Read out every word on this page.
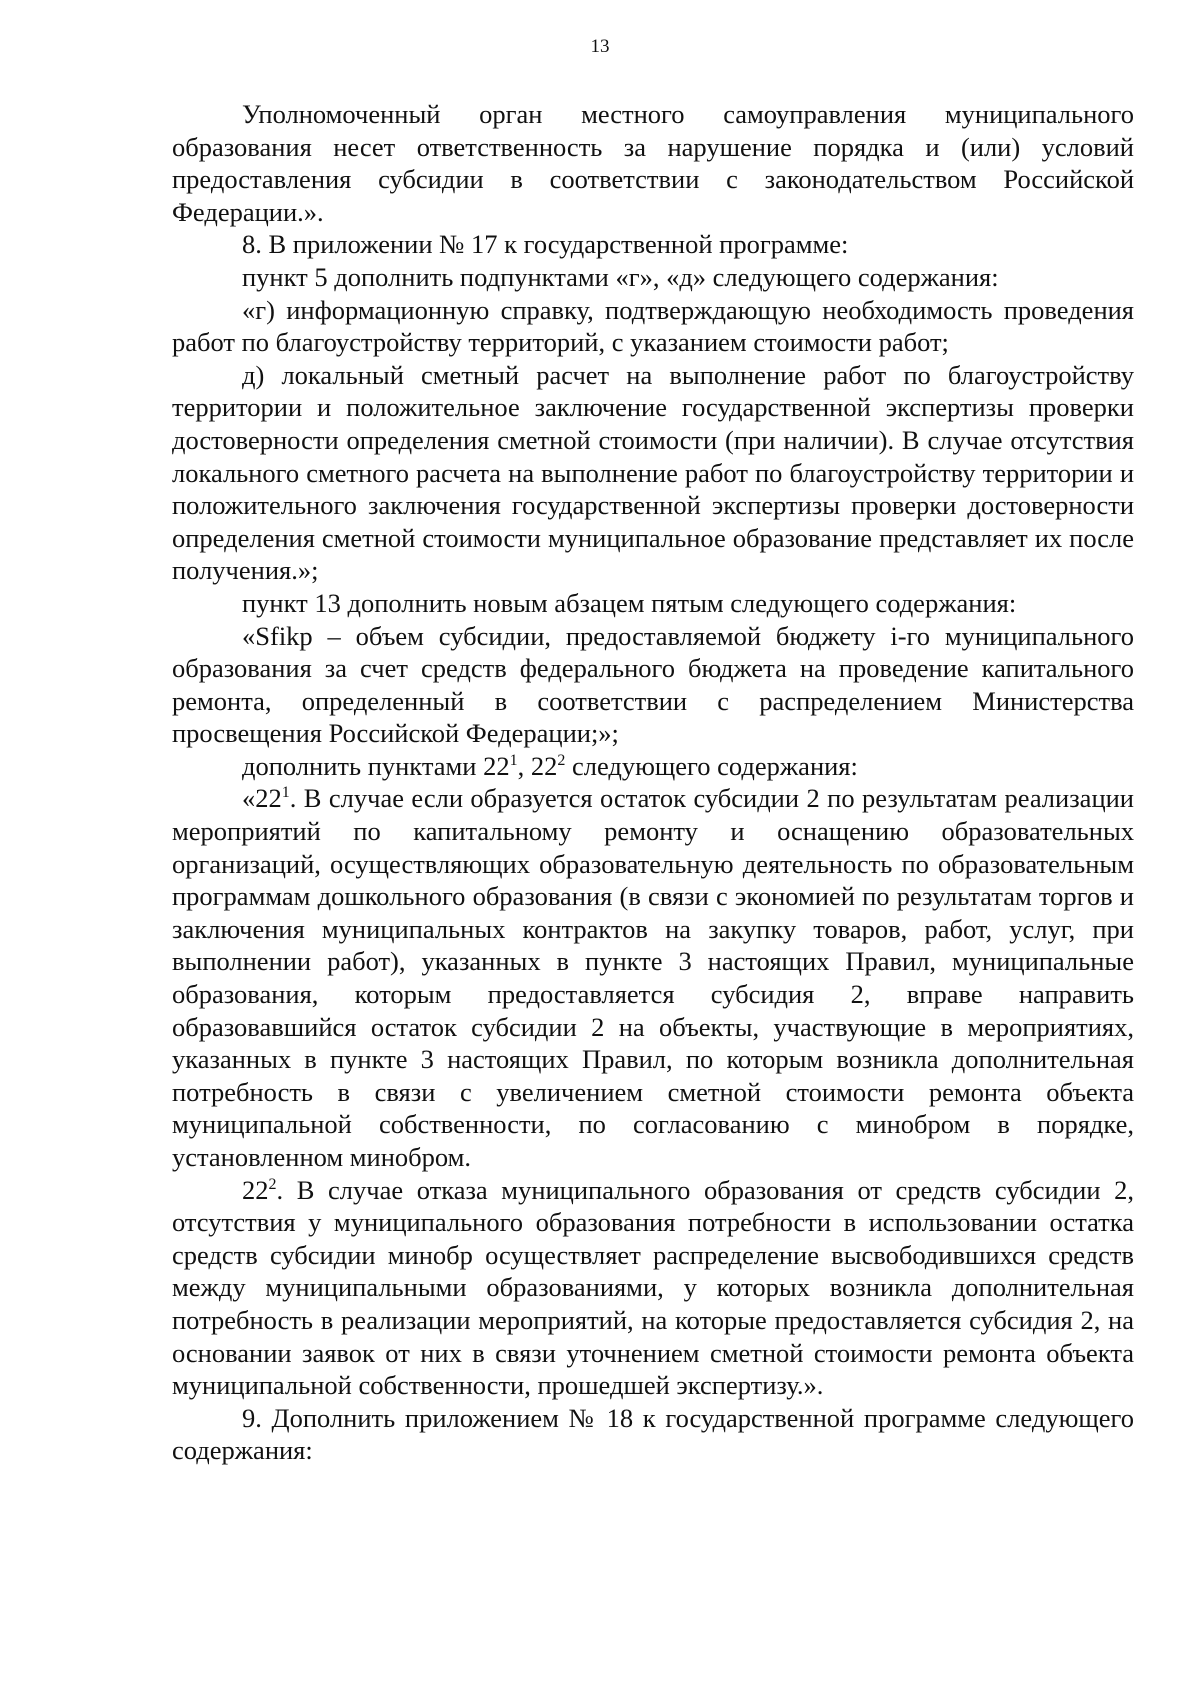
13

Уполномоченный орган местного самоуправления муниципального образования несет ответственность за нарушение порядка и (или) условий предоставления субсидии в соответствии с законодательством Российской Федерации.».

8. В приложении № 17 к государственной программе:

пункт 5 дополнить подпунктами «г», «д» следующего содержания:

«г) информационную справку, подтверждающую необходимость проведения работ по благоустройству территорий, с указанием стоимости работ;

д) локальный сметный расчет на выполнение работ по благоустройству территории и положительное заключение государственной экспертизы проверки достоверности определения сметной стоимости (при наличии). В случае отсутствия локального сметного расчета на выполнение работ по благоустройству территории и положительного заключения государственной экспертизы проверки достоверности определения сметной стоимости муниципальное образование представляет их после получения.»;

пункт 13 дополнить новым абзацем пятым следующего содержания:

«Sfikp – объем субсидии, предоставляемой бюджету i-го муниципального образования за счет средств федерального бюджета на проведение капитального ремонта, определенный в соответствии с распределением Министерства просвещения Российской Федерации;»;

дополнить пунктами $22^1$, $22^2$ следующего содержания:

«$22^1$. В случае если образуется остаток субсидии 2 по результатам реализации мероприятий по капитальному ремонту и оснащению образовательных организаций, осуществляющих образовательную деятельность по образовательным программам дошкольного образования (в связи с экономией по результатам торгов и заключения муниципальных контрактов на закупку товаров, работ, услуг, при выполнении работ), указанных в пункте 3 настоящих Правил, муниципальные образования, которым предоставляется субсидия 2, вправе направить образовавшийся остаток субсидии 2 на объекты, участвующие в мероприятиях, указанных в пункте 3 настоящих Правил, по которым возникла дополнительная потребность в связи с увеличением сметной стоимости ремонта объекта муниципальной собственности, по согласованию с минобром в порядке, установленном минобром.

$22^2$. В случае отказа муниципального образования от средств субсидии 2, отсутствия у муниципального образования потребности в использовании остатка средств субсидии минобр осуществляет распределение высвободившихся средств между муниципальными образованиями, у которых возникла дополнительная потребность в реализации мероприятий, на которые предоставляется субсидия 2, на основании заявок от них в связи уточнением сметной стоимости ремонта объекта муниципальной собственности, прошедшей экспертизу.».

9. Дополнить приложением № 18 к государственной программе следующего содержания:
